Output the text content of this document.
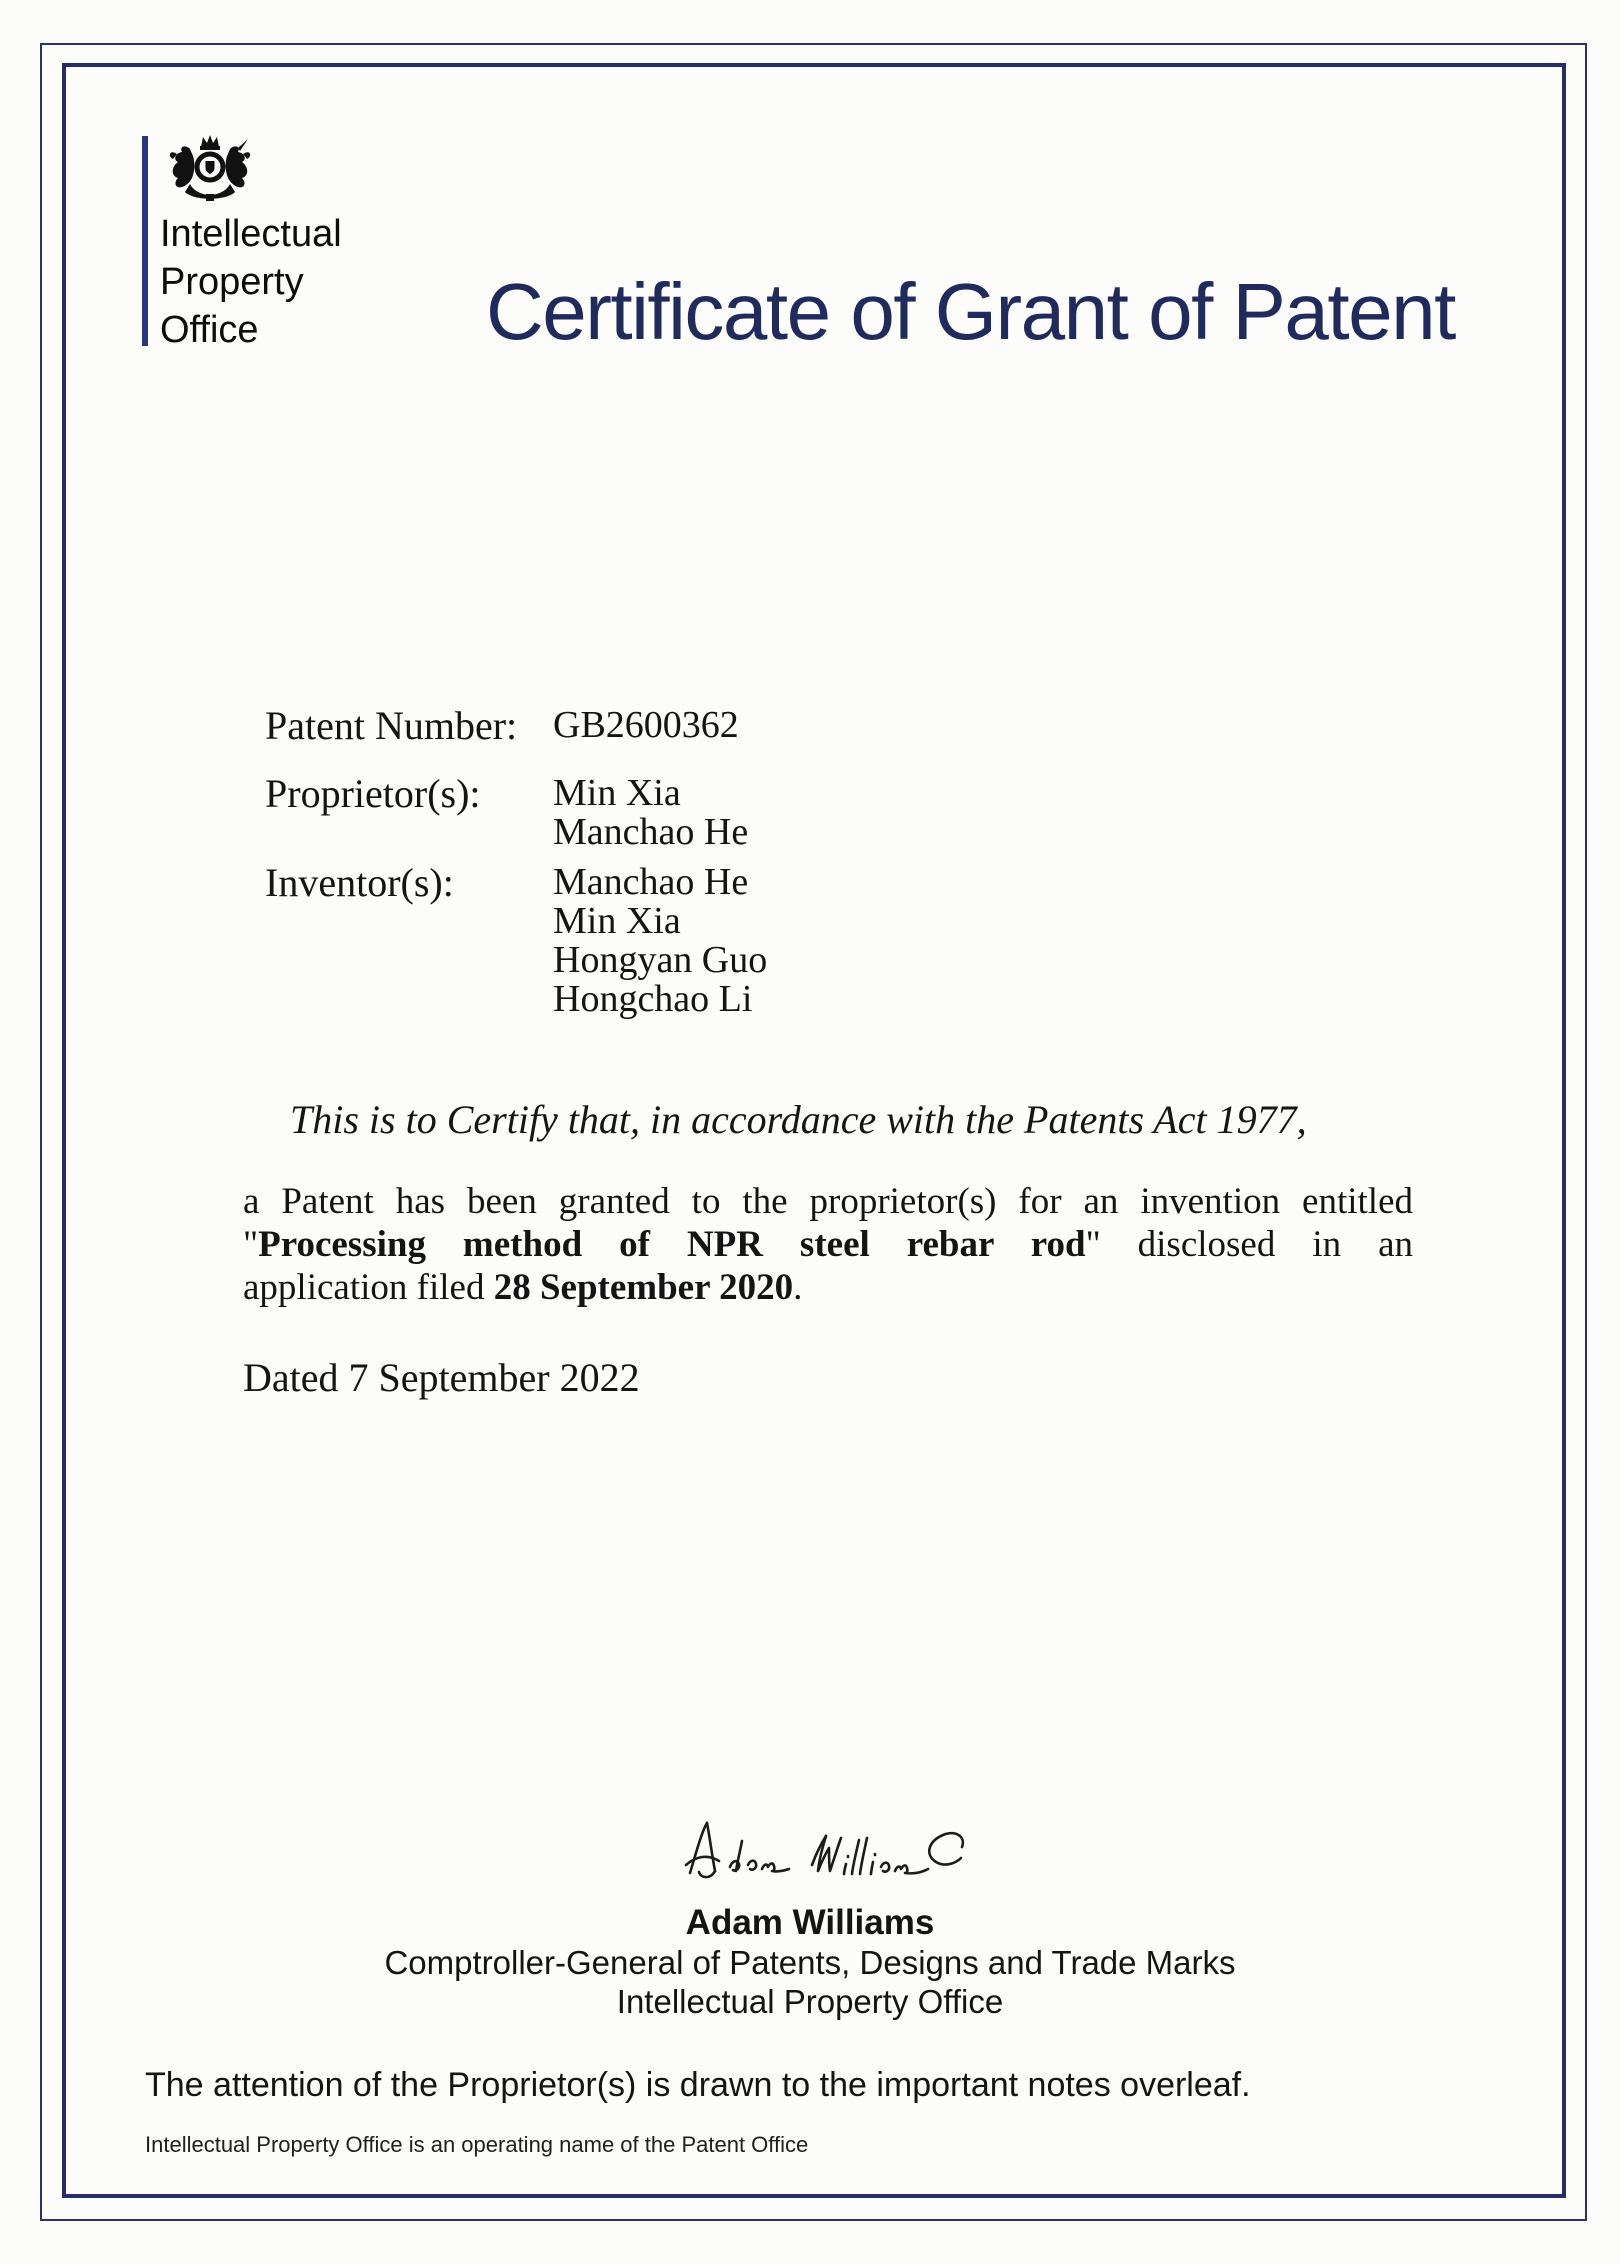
Intellectual
Property
Office	Certificate of Grant of Patent
Patent Number: GB2600362
Proprietor(s):	Min Xia
Manchao He
Inventor(s):	Manchao He
Min Xia
Hongyan Guo
Hongchao Li
This is to Certify that, in accordance with the Patents Act 1977,
a Patent has been granted to the proprietor(s) for an invention entitled
"Processing method of NPR steel rebar rod" disclosed in an
application filed 28 September 2020.
Dated 7 September 2022
Adam Williams
Comptroller-General of Patents, Designs and Trade Marks
Intellectual Property Office
The attention of the Proprietor(s) is drawn to the important notes overleaf.
Intellectual Property Office is an operating name of the Patent Office
